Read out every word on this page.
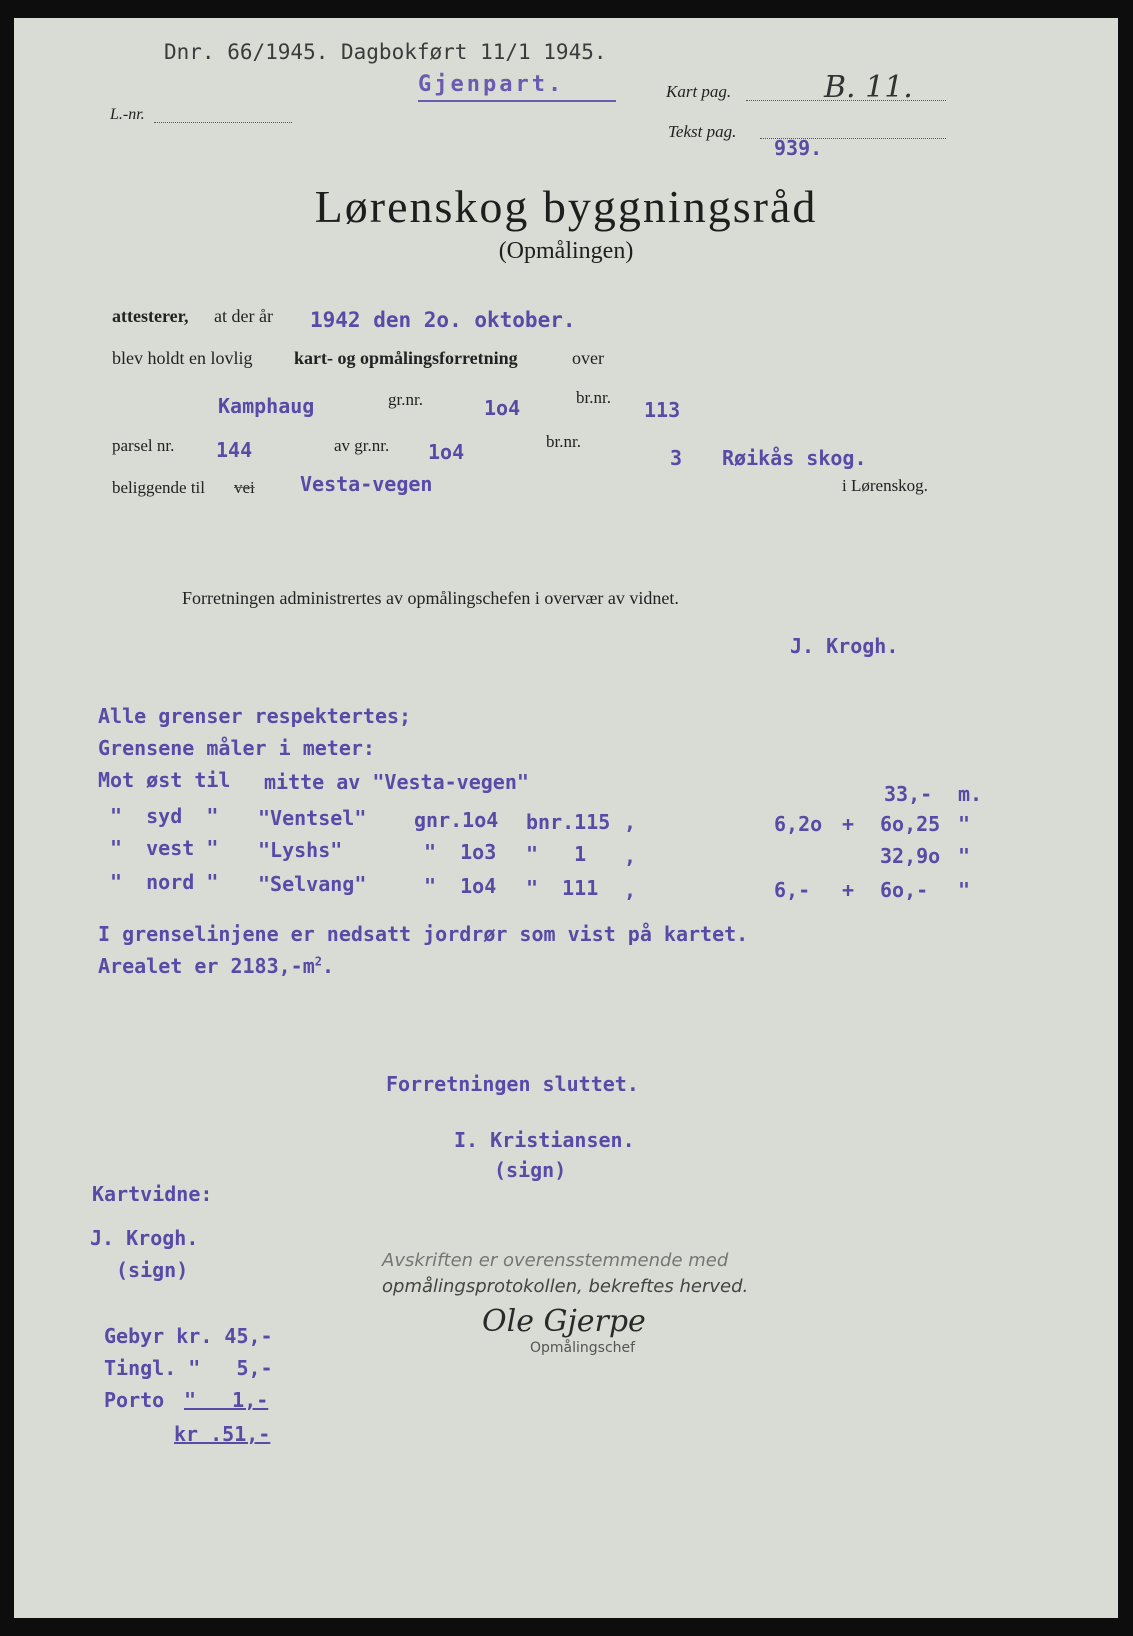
Dnr. 66/1945. Dagbokført 11/1 1945.
Gjenpart.	Kart pag.	B. 11.
L.-nr.
Tekst pag.
939.
Lørenskog byggningsråd
(Opmålingen)
attesterer, at der år 1942 den 2o. oktober.
blev holdt en lovlig kart- og opmålingsforretning	over
Kamphaug	gr.nr.	1o4	br.nr.
113
parsel nr. 144	av gr.nr. 1o4	br.nr.
3 Røikås skog.
beliggende til vei Vesta-vegen	i Lørenskog.
Forretningen administrertes av opmålingschefen i overvær av vidnet.
J. Krogh.
Alle grenser respektertes;
Grensene måler i meter:
Mot øst til mitte av "Vesta-vegen"	33,- m.
"  syd  " "Ventsel" gnr.1o4 bnr.115 ,	6,2o + 6o,25 "
"  vest " "Lyshs"	"  1o3 "   1 ,	32,9o "
"  nord " "Selvang"	"  1o4 "  111 ,	6,- + 6o,- "
I grenselinjene er nedsatt jordrør som vist på kartet.
Arealet er $2183,-m^2$.
Forretningen sluttet.
I. Kristiansen.
(sign)
Kartvidne:
J. Krogh.
(sign)
Gebyr kr. 45,-
Tingl. "   5,-
Porto "   1,-
kr .51,-
Avskriften er overensstemmende med
opmålingsprotokollen, bekreftes herved.
Ole Gjerpe
Opmålingschef
